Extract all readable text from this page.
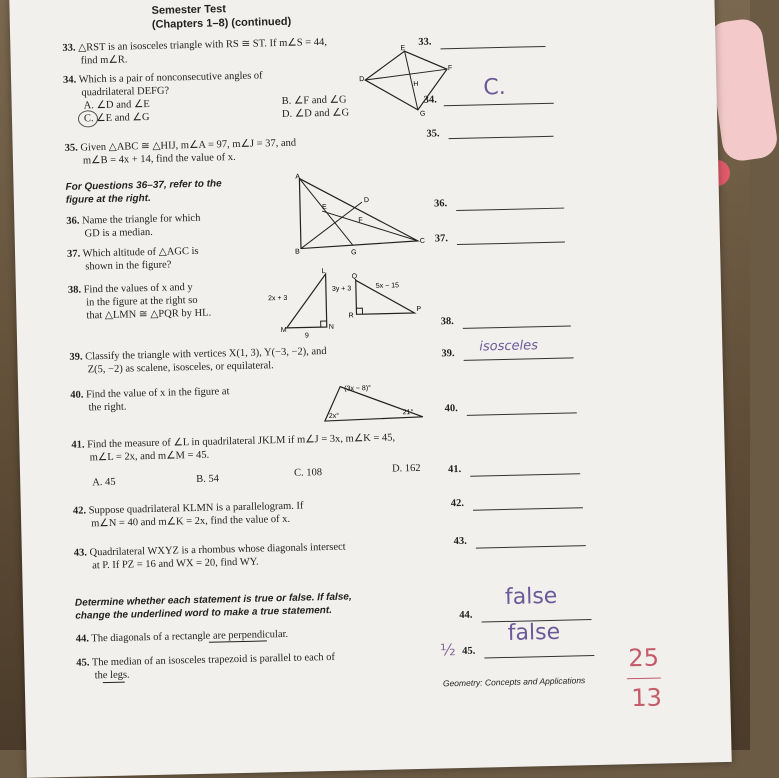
Semester Test
(Chapters 1–8) (continued)
33. △RST is an isosceles triangle with RS ≅ ST. If m∠S = 44,
find m∠R.
E
F
D
H
G
33.
34. Which is a pair of nonconsecutive angles of
quadrilateral DEFG?
A. ∠D and ∠E	B. ∠F and ∠G
C. ∠E and ∠G	D. ∠D and ∠G
34. C.
35. Given △ABC ≅ △HIJ, m∠A = 97, m∠J = 37, and
m∠B = 4x + 14, find the value of x.
35.
For Questions 36–37, refer to the
figure at the right.
36. Name the triangle for which
GD is a median.
37. Which altitude of △AGC is
shown in the figure?
A
D
E
F
B	G
C
36.
37.
38. Find the values of x and y
in the figure at the right so
that △LMN ≅ △PQR by HL.
L
Q
2x + 3
3y + 3	5x − 15
M	N
R
P
9
38.
39. Classify the triangle with vertices X(1, 3), Y(−3, −2), and
Z(5, −2) as scalene, isosceles, or equilateral.
39. isosceles
40. Find the value of x in the figure at
the right.
(3x − 8)°
2x°
21°	40.
41. Find the measure of ∠L in quadrilateral JKLM if m∠J = 3x, m∠K = 45,
m∠L = 2x, and m∠M = 45.
A. 45	B. 54
C. 108	D. 162	41.
42. Suppose quadrilateral KLMN is a parallelogram. If
m∠N = 40 and m∠K = 2x, find the value of x.
42.
43. Quadrilateral WXYZ is a rhombus whose diagonals intersect
at P. If PZ = 16 and WX = 20, find WY.
43.
Determine whether each statement is true or false. If false,
change the underlined word to make a true statement.
44. The diagonals of a rectangle are perpendicular.
44.
false
45. The median of an isosceles trapezoid is parallel to each of
the legs.
45.
false
½
Geometry: Concepts and Applications
25
13
